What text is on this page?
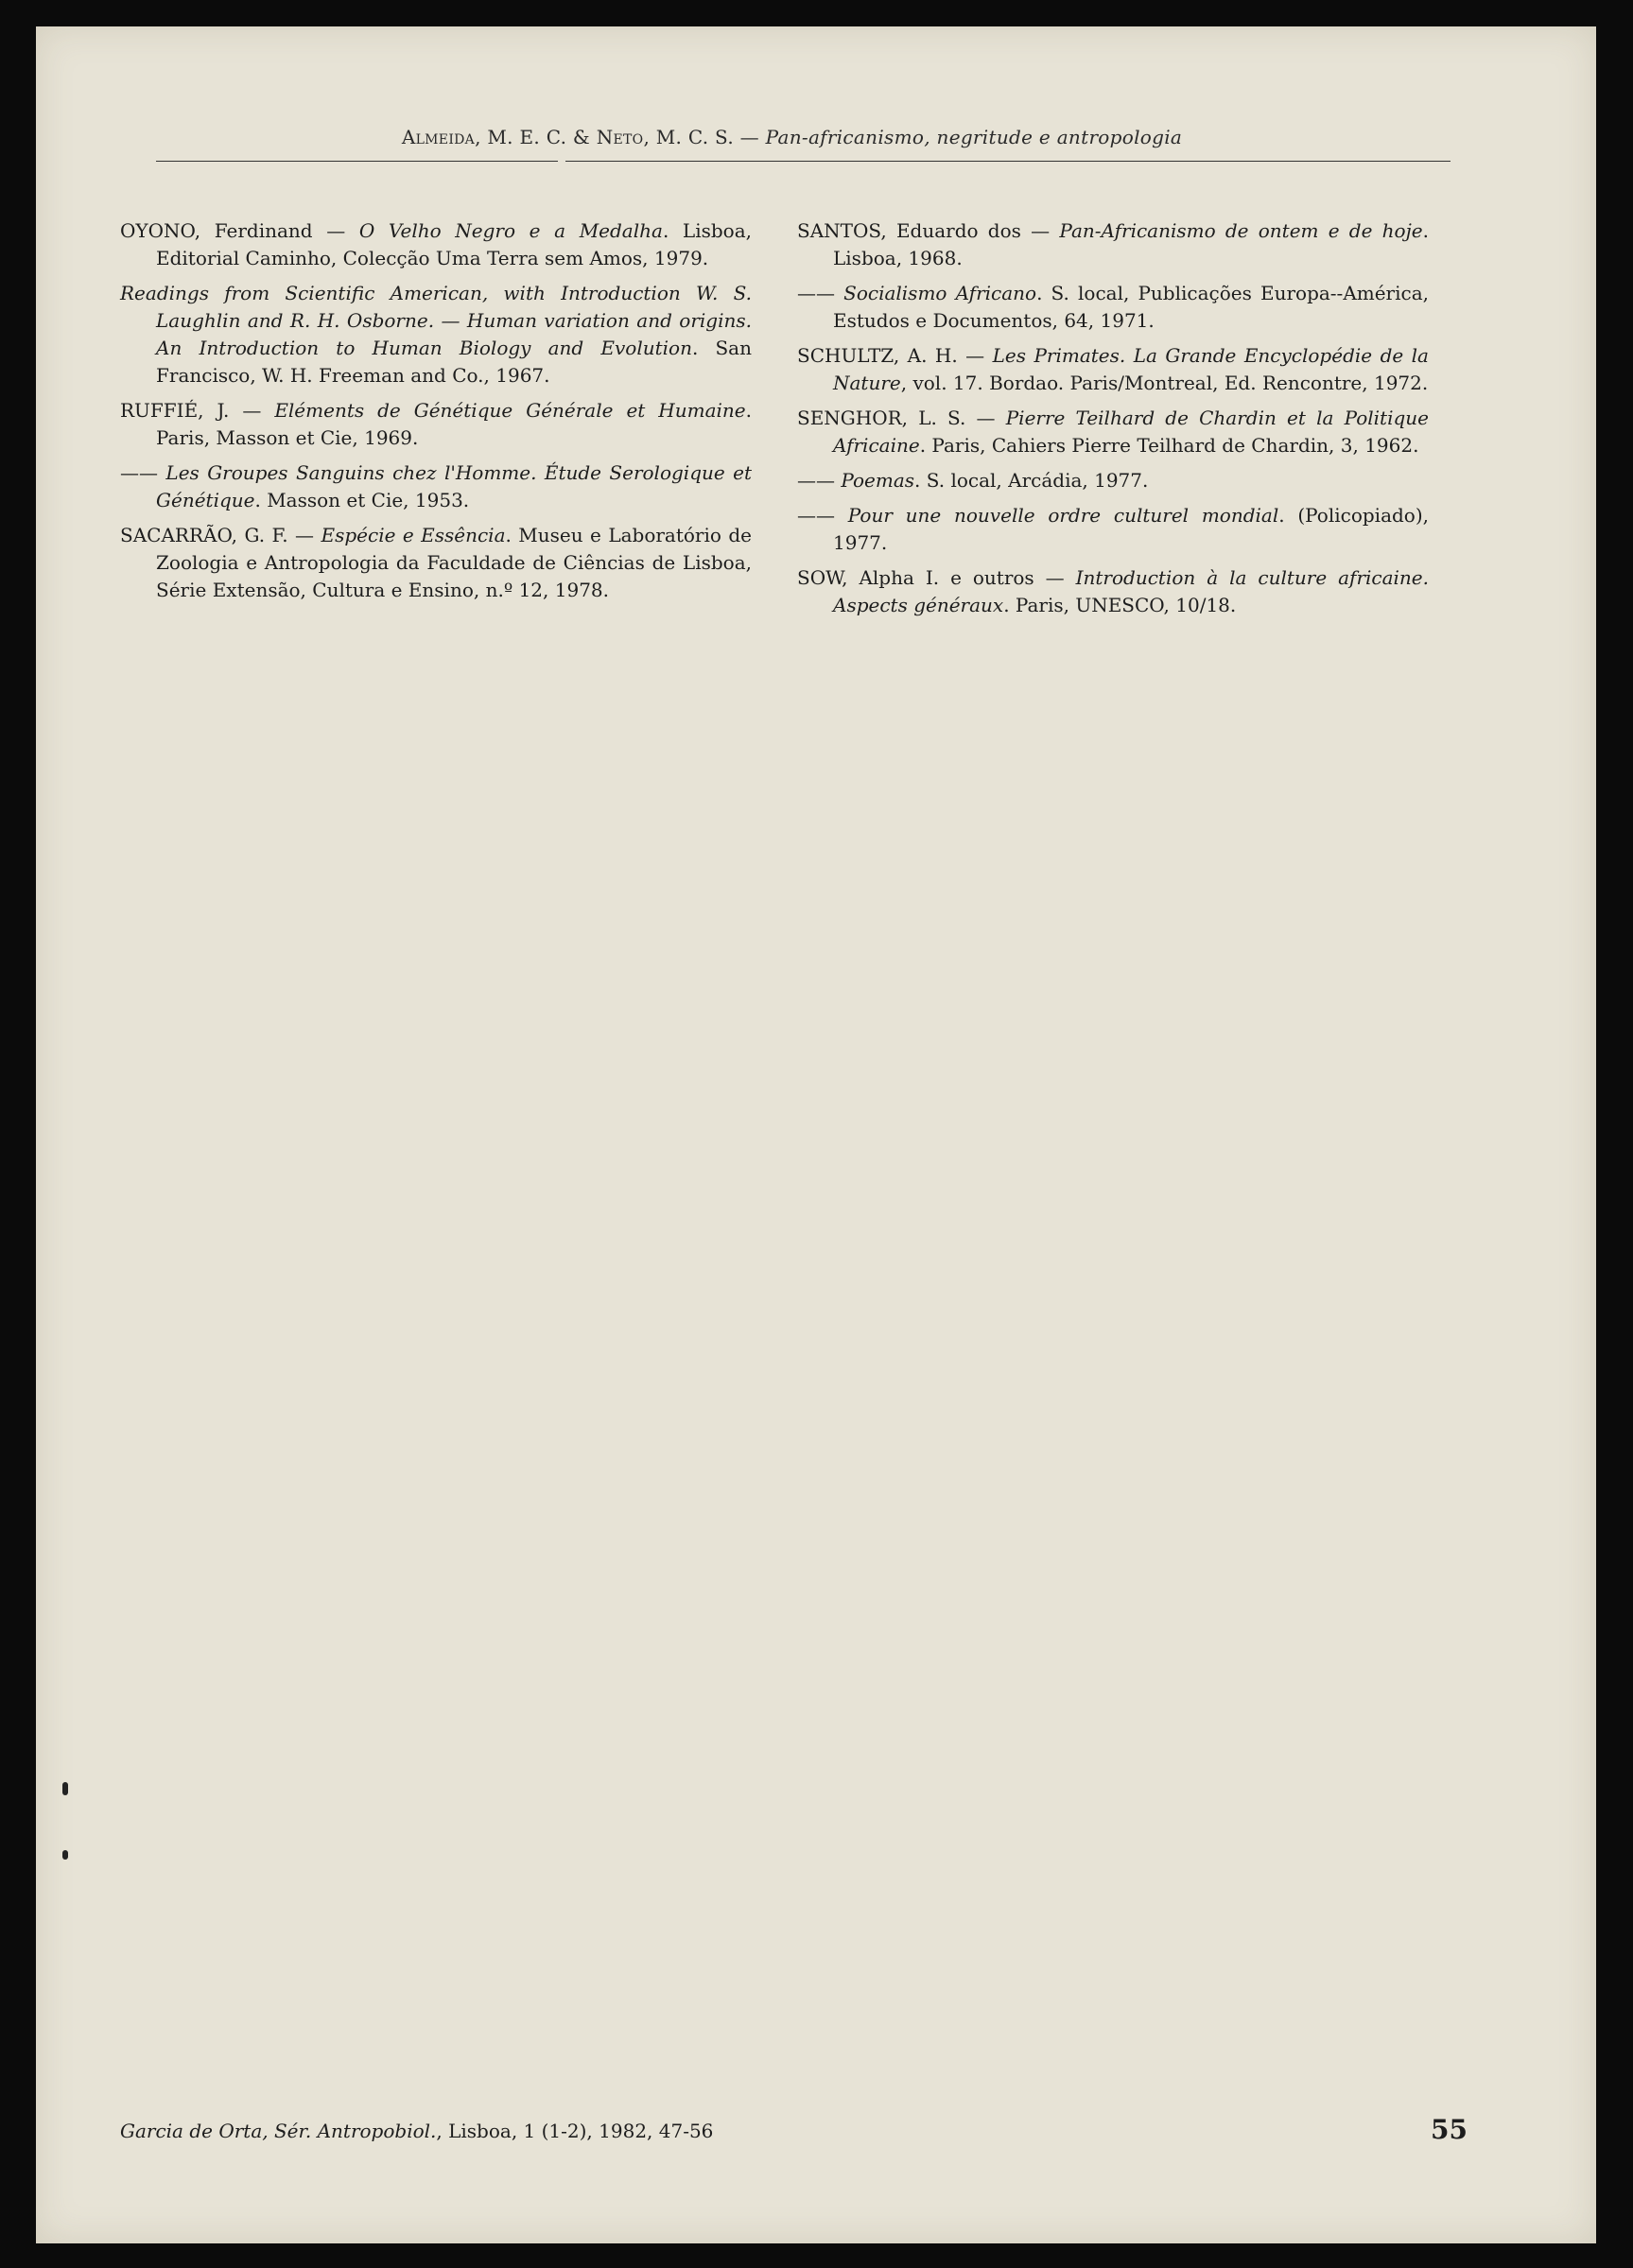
Almeida, M. E. C. & Neto, M. C. S. — Pan-africanismo, negritude e antropologia

OYONO, Ferdinand — O Velho Negro e a Medalha. Lisboa, Editorial Caminho, Colecção Uma Terra sem Amos, 1979.

Readings from Scientific American, with Introduction W. S. Laughlin and R. H. Osborne. — Human variation and origins. An Introduction to Human Biology and Evolution. San Francisco, W. H. Freeman and Co., 1967.

RUFFIÉ, J. — Eléments de Génétique Générale et Humaine. Paris, Masson et Cie, 1969.

—— Les Groupes Sanguins chez l'Homme. Étude Serologique et Génétique. Masson et Cie, 1953.

SACARRÃO, G. F. — Espécie e Essência. Museu e Laboratório de Zoologia e Antropologia da Faculdade de Ciências de Lisboa, Série Extensão, Cultura e Ensino, n.º 12, 1978.

SANTOS, Eduardo dos — Pan-Africanismo de ontem e de hoje. Lisboa, 1968.

—— Socialismo Africano. S. local, Publicações Europa--América, Estudos e Documentos, 64, 1971.

SCHULTZ, A. H. — Les Primates. La Grande Encyclopédie de la Nature, vol. 17. Bordao. Paris/Montreal, Ed. Rencontre, 1972.

SENGHOR, L. S. — Pierre Teilhard de Chardin et la Politique Africaine. Paris, Cahiers Pierre Teilhard de Chardin, 3, 1962.

—— Poemas. S. local, Arcádia, 1977.

—— Pour une nouvelle ordre culturel mondial. (Policopiado), 1977.

SOW, Alpha I. e outros — Introduction à la culture africaine. Aspects généraux. Paris, UNESCO, 10/18.

Garcia de Orta, Sér. Antropobiol., Lisboa, 1 (1-2), 1982, 47-56	55
